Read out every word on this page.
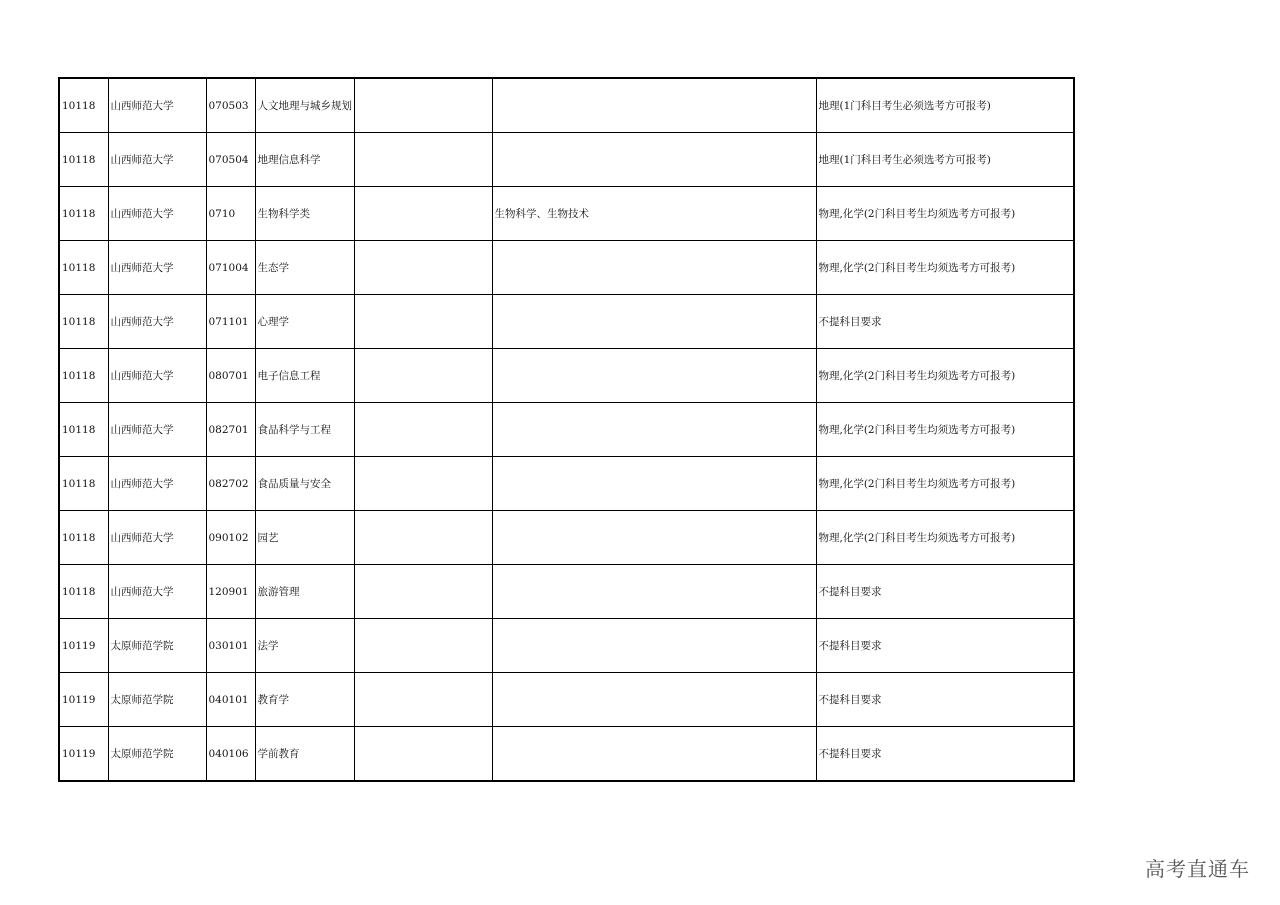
10118	山西师范大学	070503	人文地理与城乡规划			地理(1门科目考生必须选考方可报考)
10118	山西师范大学	070504	地理信息科学			地理(1门科目考生必须选考方可报考)
10118	山西师范大学	0710	生物科学类		生物科学、生物技术	物理,化学(2门科目考生均须选考方可报考)
10118	山西师范大学	071004	生态学			物理,化学(2门科目考生均须选考方可报考)
10118	山西师范大学	071101	心理学			不提科目要求
10118	山西师范大学	080701	电子信息工程			物理,化学(2门科目考生均须选考方可报考)
10118	山西师范大学	082701	食品科学与工程			物理,化学(2门科目考生均须选考方可报考)
10118	山西师范大学	082702	食品质量与安全			物理,化学(2门科目考生均须选考方可报考)
10118	山西师范大学	090102	园艺			物理,化学(2门科目考生均须选考方可报考)
10118	山西师范大学	120901	旅游管理			不提科目要求
10119	太原师范学院	030101	法学			不提科目要求
10119	太原师范学院	040101	教育学			不提科目要求
10119	太原师范学院	040106	学前教育			不提科目要求
高考直通车
